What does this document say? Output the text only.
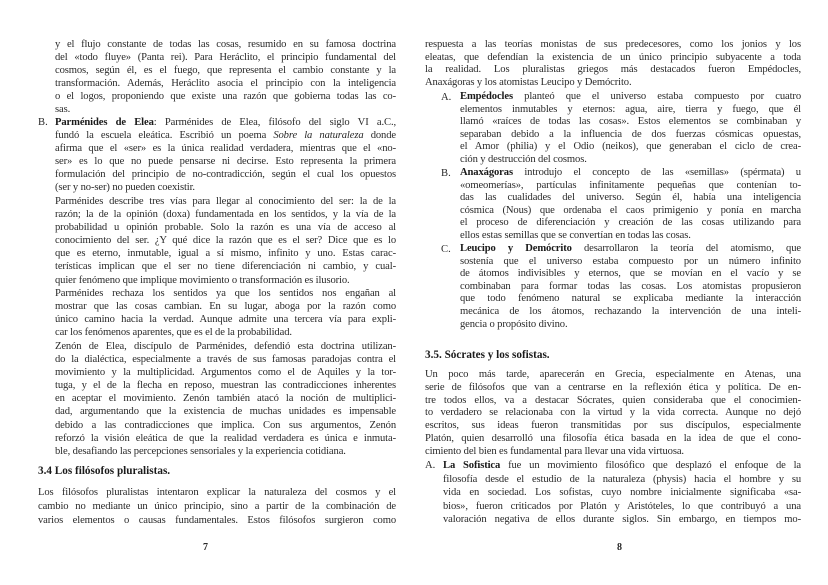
7
y el flujo constante de todas las cosas, resumido en su famosa doctrina
del «todo fluye» (Panta rei). Para Heráclito, el principio fundamental del
cosmos, según él, es el fuego, que representa el cambio constante y la
transformación. Además, Heráclito asocia el principio con la inteligencia
o el logos, proponiendo que existe una razón que gobierna todas las co-
sas.
B. Parménides de Elea: Parménides de Elea, filósofo del siglo VI a.C.,
fundó la escuela eleática. Escribió un poema Sobre la naturaleza donde
afirma que el «ser» es la única realidad verdadera, mientras que el «no-
ser» es lo que no puede pensarse ni decirse. Esto representa la primera
formulación del principio de no-contradicción, según el cual los opuestos
(ser y no-ser) no pueden coexistir.
Parménides describe tres vías para llegar al conocimiento del ser: la de la
razón; la de la opinión (doxa) fundamentada en los sentidos, y la vía de la
probabilidad u opinión probable. Solo la razón es una vía de acceso al
conocimiento del ser. ¿Y qué dice la razón que es el ser? Dice que es lo
que es eterno, inmutable, igual a sí mismo, infinito y uno. Estas carac-
terísticas implican que el ser no tiene diferenciación ni cambio, y cual-
quier fenómeno que implique movimiento o transformación es ilusorio.
Parménides rechaza los sentidos ya que los sentidos nos engañan al
mostrar que las cosas cambian. En su lugar, aboga por la razón como
único camino hacia la verdad. Aunque admite una tercera vía para expli-
car los fenómenos aparentes, que es el de la probabilidad.
Zenón de Elea, discípulo de Parménides, defendió esta doctrina utilizan-
do la dialéctica, especialmente a través de sus famosas paradojas contra el
movimiento y la multiplicidad. Argumentos como el de Aquiles y la tor-
tuga, y el de la flecha en reposo, muestran las contradicciones inherentes
en aceptar el movimiento. Zenón también atacó la noción de multiplici-
dad, argumentando que la existencia de muchas unidades es impensable
debido a las contradicciones que implica. Con sus argumentos, Zenón
reforzó la visión eleática de que la realidad verdadera es única e inmuta-
ble, desafiando las percepciones sensoriales y la experiencia cotidiana.
3.4 Los filósofos pluralistas.
Los filósofos pluralistas intentaron explicar la naturaleza del cosmos y el
cambio no mediante un único principio, sino a partir de la combinación de
varios elementos o causas fundamentales. Estos filósofos surgieron como
8
respuesta a las teorías monistas de sus predecesores, como los jonios y los
eleatas, que defendían la existencia de un único principio subyacente a toda
la realidad. Los pluralistas griegos más destacados fueron Empédocles,
Anaxágoras y los atomistas Leucipo y Demócrito.
A. Empédocles planteó que el universo estaba compuesto por cuatro
elementos inmutables y eternos: agua, aire, tierra y fuego, que él
llamó «raíces de todas las cosas». Estos elementos se combinaban y
separaban debido a la influencia de dos fuerzas cósmicas opuestas,
el Amor (philia) y el Odio (neikos), que generaban el ciclo de crea-
ción y destrucción del cosmos.
B. Anaxágoras introdujo el concepto de las «semillas» (spérmata) u
«omeomerías», partículas infinitamente pequeñas que contenían to-
das las cualidades del universo. Según él, había una inteligencia
cósmica (Nous) que ordenaba el caos primigenio y ponía en marcha
el proceso de diferenciación y creación de las cosas utilizando para
ellos estas semillas que se convertían en todas las cosas.
C. Leucipo y Demócrito desarrollaron la teoría del atomismo, que
sostenía que el universo estaba compuesto por un número infinito
de átomos indivisibles y eternos, que se movían en el vacío y se
combinaban para formar todas las cosas. Los atomistas propusieron
que todo fenómeno natural se explicaba mediante la interacción
mecánica de los átomos, rechazando la intervención de una inteli-
gencia o propósito divino.
3.5. Sócrates y los sofistas.
Un poco más tarde, aparecerán en Grecia, especialmente en Atenas, una
serie de filósofos que van a centrarse en la reflexión ética y política. De en-
tre todos ellos, va a destacar Sócrates, quien consideraba que el conocimien-
to verdadero se relacionaba con la virtud y la vida correcta. Aunque no dejó
escritos, sus ideas fueron transmitidas por sus discípulos, especialmente
Platón, quien desarrolló una filosofía ética basada en la idea de que el cono-
cimiento del bien es fundamental para llevar una vida virtuosa.
A. La Sofistica fue un movimiento filosófico que desplazó el enfoque de la
filosofía desde el estudio de la naturaleza (physis) hacia el hombre y su
vida en sociedad. Los sofistas, cuyo nombre inicialmente significaba «sa-
bios», fueron criticados por Platón y Aristóteles, lo que contribuyó a una
valoración negativa de ellos durante siglos. Sin embargo, en tiempos mo-
